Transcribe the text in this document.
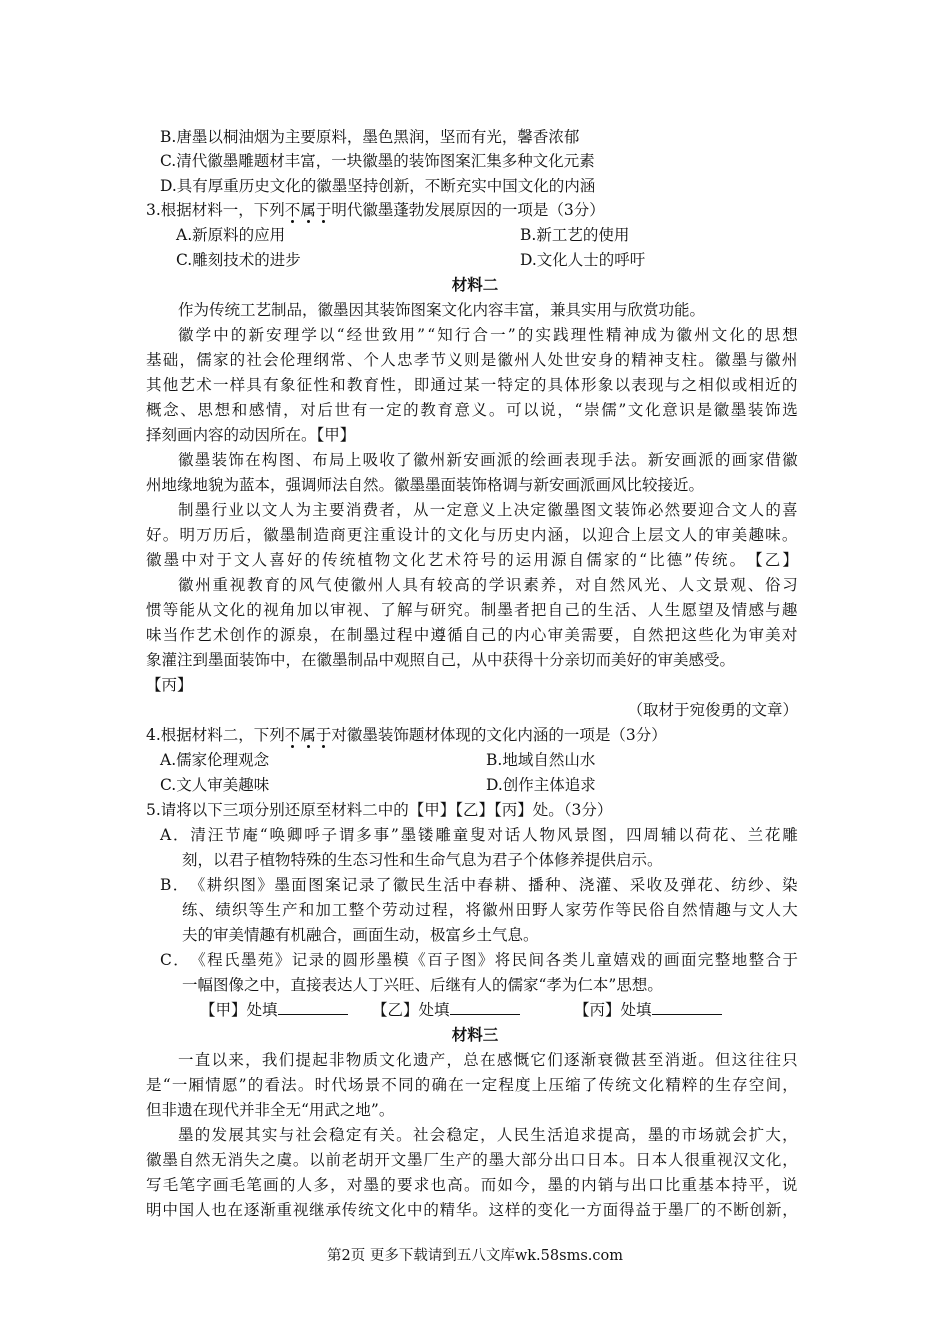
B.唐墨以桐油烟为主要原料，墨色黑润，坚而有光，馨香浓郁
C.清代徽墨雕题材丰富，一块徽墨的装饰图案汇集多种文化元素
D.具有厚重历史文化的徽墨坚持创新，不断充实中国文化的内涵
3.根据材料一，下列不属于明代徽墨蓬勃发展原因的一项是（3分）
A.新原料的应用	B.新工艺的使用
C.雕刻技术的进步	D.文化人士的呼吁
材料二
作为传统工艺制品，徽墨因其装饰图案文化内容丰富，兼具实用与欣赏功能。
徽 学 中 的 新 安 理 学 以 “ 经 世 致 用 ” “ 知 行 合 一 ” 的 实 践 理 性 精 神 成 为 徽 州 文 化 的 思 想
基 础 ， 儒 家 的 社 会 伦 理 纲 常 、 个 人 忠 孝 节 义 则 是 徽 州 人 处 世 安 身 的 精 神 支 柱 。 徽 墨 与 徽 州
其 他 艺 术 一 样 具 有 象 征 性 和 教 育 性 ， 即 通 过 某 一 特 定 的 具 体 形 象 以 表 现 与 之 相 似 或 相 近 的
概 念 、 思 想 和 感 情 ， 对 后 世 有 一 定 的 教 育 意 义 。 可 以 说 ， “ 崇 儒 ” 文 化 意 识 是 徽 墨 装 饰 选
择刻画内容的动因所在。【甲】
徽 墨 装 饰 在 构 图 、 布 局 上 吸 收 了 徽 州 新 安 画 派 的 绘 画 表 现 手 法 。 新 安 画 派 的 画 家 借 徽
州地缘地貌为蓝本，强调师法自然。徽墨墨面装饰格调与新安画派画风比较接近。
制 墨 行 业 以 文 人 为 主 要 消 费 者 ， 从 一 定 意 义 上 决 定 徽 墨 图 文 装 饰 必 然 要 迎 合 文 人 的 喜
好 。 明 万 历 后 ， 徽 墨 制 造 商 更 注 重 设 计 的 文 化 与 历 史 内 涵 ， 以 迎 合 上 层 文 人 的 审 美 趣 味 。
徽 墨 中 对 于 文 人 喜 好 的 传 统 植 物 文 化 艺 术 符 号 的 运 用 源 自 儒 家 的 “ 比 德 ” 传 统 。 【 乙 】
徽 州 重 视 教 育 的 风 气 使 徽 州 人 具 有 较 高 的 学 识 素 养 ， 对 自 然 风 光 、 人 文 景 观 、 俗 习
惯 等 能 从 文 化 的 视 角 加 以 审 视 、 了 解 与 研 究 。 制 墨 者 把 自 己 的 生 活 、 人 生 愿 望 及 情 感 与 趣
味 当 作 艺 术 创 作 的 源 泉 ， 在 制 墨 过 程 中 遵 循 自 己 的 内 心 审 美 需 要 ， 自 然 把 这 些 化 为 审 美 对
象灌注到墨面装饰中，在徽墨制品中观照自己，从中获得十分亲切而美好的审美感受。
【丙】
（取材于宛俊勇的文章）
4.根据材料二，下列不属于对徽墨装饰题材体现的文化内涵的一项是（3分）
A.儒家伦理观念	B.地域自然山水
C.文人审美趣味	D.创作主体追求
5.请将以下三项分别还原至材料二中的【甲】【乙】【丙】处。（3分）
A ． 清 汪 节 庵 “ 唤 卿 呼 子 谓 多 事 ” 墨 镂 雕 童 叟 对 话 人 物 风 景 图 ， 四 周 辅 以 荷 花 、 兰 花 雕
刻，以君子植物特殊的生态习性和生命气息为君子个体修养提供启示。
B ． 《 耕 织 图 》 墨 面 图 案 记 录 了 徽 民 生 活 中 春 耕 、 播 种 、 浇 灌 、 采 收 及 弹 花 、 纺 纱 、 染
练 、 绩 织 等 生 产 和 加 工 整 个 劳 动 过 程 ， 将 徽 州 田 野 人 家 劳 作 等 民 俗 自 然 情 趣 与 文 人 大
夫的审美情趣有机融合，画面生动，极富乡土气息。
C ． 《 程 氏 墨 苑 》 记 录 的 圆 形 墨 模 《 百 子 图 》 将 民 间 各 类 儿 童 嬉 戏 的 画 面 完 整 地 整 合 于
一幅图像之中，直接表达人丁兴旺、后继有人的儒家“孝为仁本”思想。
【甲】处填	【乙】处填	【丙】处填
材料三
一 直 以 来 ， 我 们 提 起 非 物 质 文 化 遗 产 ， 总 在 感 慨 它 们 逐 渐 衰 微 甚 至 消 逝 。 但 这 往 往 只
是 “ 一 厢 情 愿 ” 的 看 法 。 时 代 场 景 不 同 的 确 在 一 定 程 度 上 压 缩 了 传 统 文 化 精 粹 的 生 存 空 间 ，
但非遗在现代并非全无“用武之地”。
墨 的 发 展 其 实 与 社 会 稳 定 有 关 。 社 会 稳 定 ， 人 民 生 活 追 求 提 高 ， 墨 的 市 场 就 会 扩 大 ，
徽 墨 自 然 无 消 失 之 虞 。 以 前 老 胡 开 文 墨 厂 生 产 的 墨 大 部 分 出 口 日 本 。 日 本 人 很 重 视 汉 文 化 ，
写 毛 笔 字 画 毛 笔 画 的 人 多 ， 对 墨 的 要 求 也 高 。 而 如 今 ， 墨 的 内 销 与 出 口 比 重 基 本 持 平 ， 说
明 中 国 人 也 在 逐 渐 重 视 继 承 传 统 文 化 中 的 精 华 。 这 样 的 变 化 一 方 面 得 益 于 墨 厂 的 不 断 创 新 ，
第2页 更多下载请到五八文库wk.58sms.com
